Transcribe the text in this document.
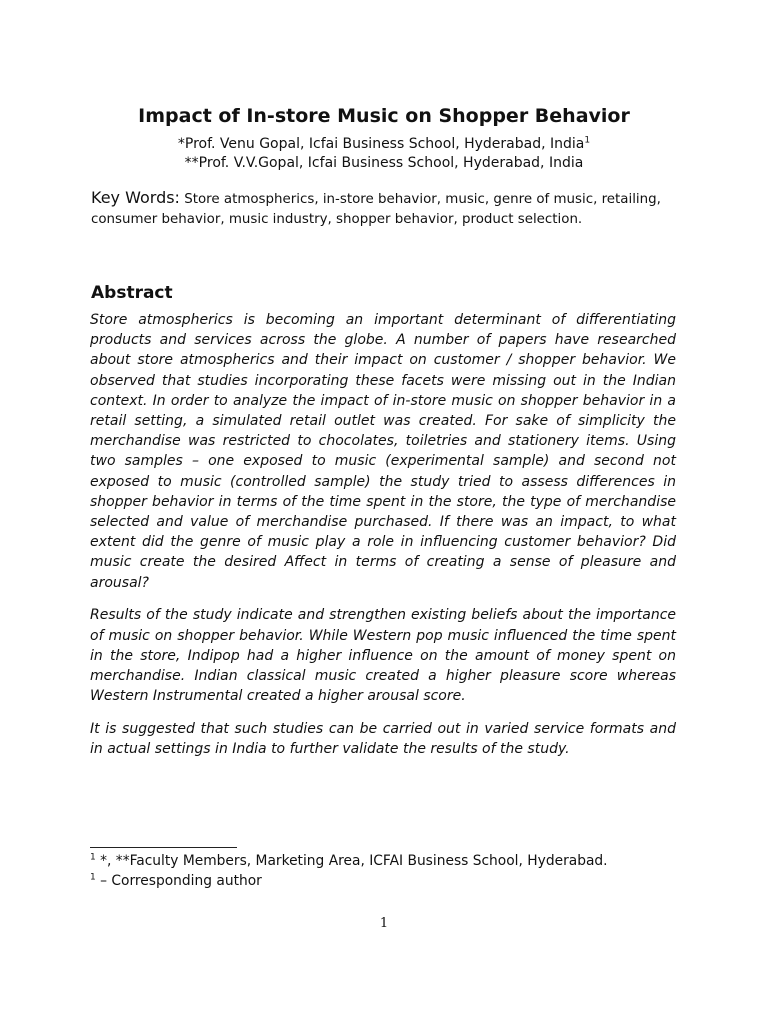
Impact of In-store Music on Shopper Behavior
*Prof. Venu Gopal, Icfai Business School, Hyderabad, India$^1$
**Prof. V.V.Gopal, Icfai Business School, Hyderabad, India
Key Words: Store atmospherics, in-store behavior, music, genre of music, retailing, consumer behavior, music industry, shopper behavior, product selection.
Abstract

Store atmospherics is becoming an important determinant of differentiating products and services across the globe. A number of papers have researched about store atmospherics and their impact on customer / shopper behavior. We observed that studies incorporating these facets were missing out in the Indian context. In order to analyze the impact of in-store music on shopper behavior in a retail setting, a simulated retail outlet was created. For sake of simplicity the merchandise was restricted to chocolates, toiletries and stationery items. Using two samples – one exposed to music (experimental sample) and second not exposed to music (controlled sample) the study tried to assess differences in shopper behavior in terms of the time spent in the store, the type of merchandise selected and value of merchandise purchased. If there was an impact, to what extent did the genre of music play a role in influencing customer behavior? Did music create the desired Affect in terms of creating a sense of pleasure and arousal?

Results of the study indicate and strengthen existing beliefs about the importance of music on shopper behavior. While Western pop music influenced the time spent in the store, Indipop had a higher influence on the amount of money spent on merchandise. Indian classical music created a higher pleasure score whereas Western Instrumental created a higher arousal score.

It is suggested that such studies can be carried out in varied service formats and in actual settings in India to further validate the results of the study.

$^1$ *, **Faculty Members, Marketing Area, ICFAI Business School, Hyderabad.
$^1$ – Corresponding author
1
